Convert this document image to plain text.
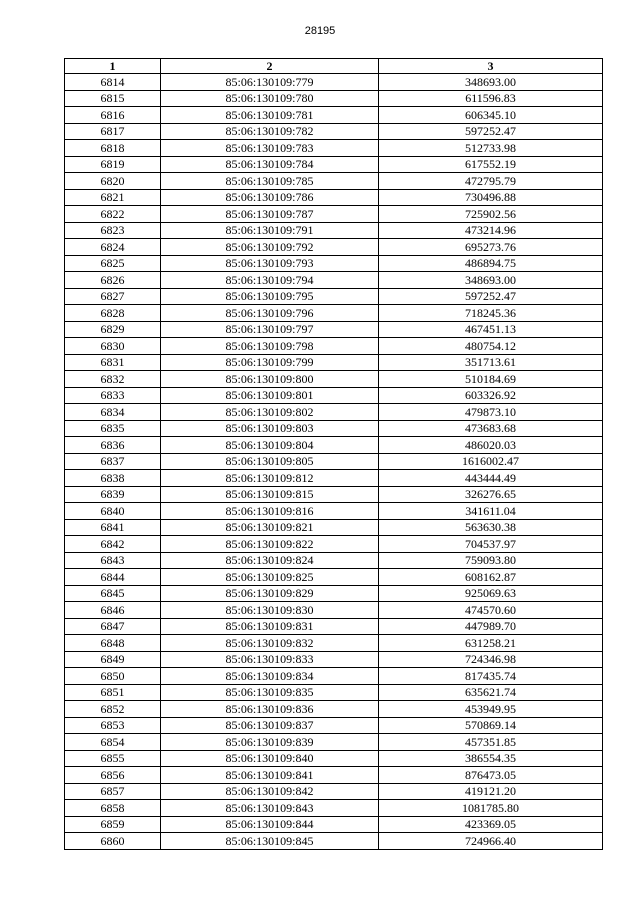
28195
1	2	3
6814	85:06:130109:779	348693.00
6815	85:06:130109:780	611596.83
6816	85:06:130109:781	606345.10
6817	85:06:130109:782	597252.47
6818	85:06:130109:783	512733.98
6819	85:06:130109:784	617552.19
6820	85:06:130109:785	472795.79
6821	85:06:130109:786	730496.88
6822	85:06:130109:787	725902.56
6823	85:06:130109:791	473214.96
6824	85:06:130109:792	695273.76
6825	85:06:130109:793	486894.75
6826	85:06:130109:794	348693.00
6827	85:06:130109:795	597252.47
6828	85:06:130109:796	718245.36
6829	85:06:130109:797	467451.13
6830	85:06:130109:798	480754.12
6831	85:06:130109:799	351713.61
6832	85:06:130109:800	510184.69
6833	85:06:130109:801	603326.92
6834	85:06:130109:802	479873.10
6835	85:06:130109:803	473683.68
6836	85:06:130109:804	486020.03
6837	85:06:130109:805	1616002.47
6838	85:06:130109:812	443444.49
6839	85:06:130109:815	326276.65
6840	85:06:130109:816	341611.04
6841	85:06:130109:821	563630.38
6842	85:06:130109:822	704537.97
6843	85:06:130109:824	759093.80
6844	85:06:130109:825	608162.87
6845	85:06:130109:829	925069.63
6846	85:06:130109:830	474570.60
6847	85:06:130109:831	447989.70
6848	85:06:130109:832	631258.21
6849	85:06:130109:833	724346.98
6850	85:06:130109:834	817435.74
6851	85:06:130109:835	635621.74
6852	85:06:130109:836	453949.95
6853	85:06:130109:837	570869.14
6854	85:06:130109:839	457351.85
6855	85:06:130109:840	386554.35
6856	85:06:130109:841	876473.05
6857	85:06:130109:842	419121.20
6858	85:06:130109:843	1081785.80
6859	85:06:130109:844	423369.05
6860	85:06:130109:845	724966.40
